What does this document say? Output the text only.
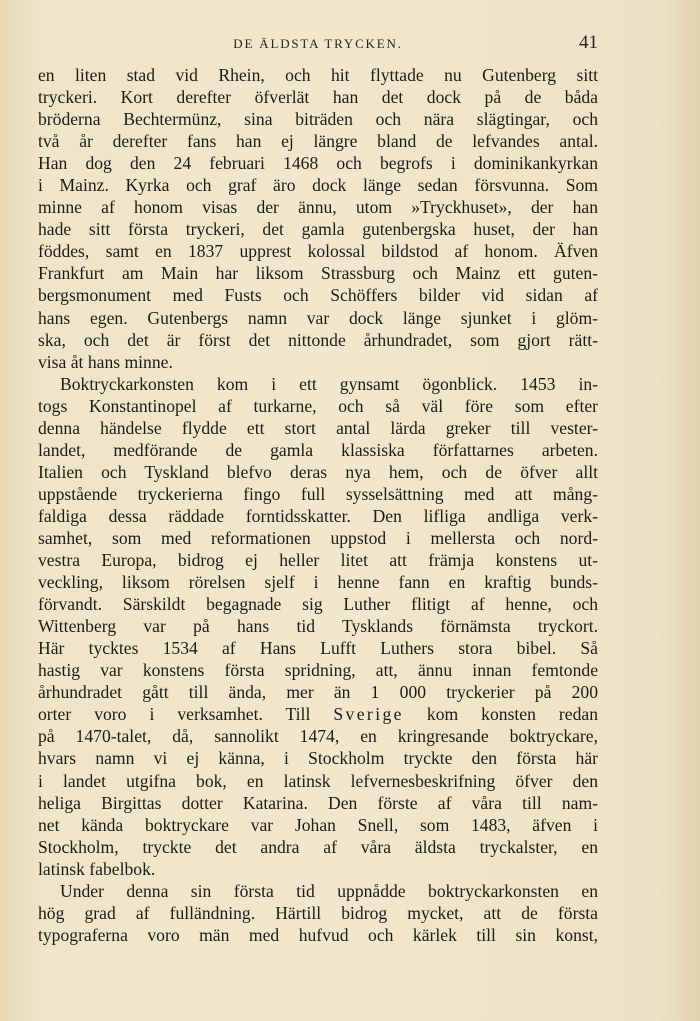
DE ÄLDSTA TRYCKEN.	41
en liten stad vid Rhein, och hit flyttade nu Gutenberg sitt
tryckeri. Kort derefter öfverlät han det dock på de båda
bröderna Bechtermünz, sina biträden och nära slägtingar, och
två år derefter fans han ej längre bland de lefvandes antal.
Han dog den 24 februari 1468 och begrofs i dominikankyrkan
i Mainz. Kyrka och graf äro dock länge sedan försvunna. Som
minne af honom visas der ännu, utom »Tryckhuset», der han
hade sitt första tryckeri, det gamla gutenbergska huset, der han
föddes, samt en 1837 upprest kolossal bildstod af honom. Äfven
Frankfurt am Main har liksom Strassburg och Mainz ett guten-
bergsmonument med Fusts och Schöffers bilder vid sidan af
hans egen. Gutenbergs namn var dock länge sjunket i glöm-
ska, och det är först det nittonde århundradet, som gjort rätt-
visa åt hans minne.
Boktryckarkonsten kom i ett gynsamt ögonblick. 1453 in-
togs Konstantinopel af turkarne, och så väl före som efter
denna händelse flydde ett stort antal lärda greker till vester-
landet, medförande de gamla klassiska författarnes arbeten.
Italien och Tyskland blefvo deras nya hem, och de öfver allt
uppstående tryckerierna fingo full sysselsättning med att mång-
faldiga dessa räddade forntidsskatter. Den lifliga andliga verk-
samhet, som med reformationen uppstod i mellersta och nord-
vestra Europa, bidrog ej heller litet att främja konstens ut-
veckling, liksom rörelsen sjelf i henne fann en kraftig bunds-
förvandt. Särskildt begagnade sig Luther flitigt af henne, och
Wittenberg var på hans tid Tysklands förnämsta tryckort.
Här tycktes 1534 af Hans Lufft Luthers stora bibel. Så
hastig var konstens första spridning, att, ännu innan femtonde
århundradet gått till ända, mer än 1 000 tryckerier på 200
orter voro i verksamhet. Till Sverige kom konsten redan
på 1470-talet, då, sannolikt 1474, en kringresande boktryckare,
hvars namn vi ej känna, i Stockholm tryckte den första här
i landet utgifna bok, en latinsk lefvernesbeskrifning öfver den
heliga Birgittas dotter Katarina. Den förste af våra till nam-
net kända boktryckare var Johan Snell, som 1483, äfven i
Stockholm, tryckte det andra af våra äldsta tryckalster, en
latinsk fabelbok.
Under denna sin första tid uppnådde boktryckarkonsten en
hög grad af fulländning. Härtill bidrog mycket, att de första
typograferna voro män med hufvud och kärlek till sin konst,
